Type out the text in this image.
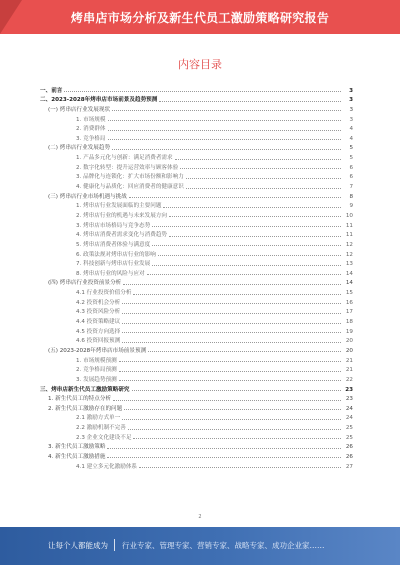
烤串店市场分析及新生代员工激励策略研究报告
内容目录
一、前言	3
二、2023-2028年烤串店市场前景及趋势预测	3
(一) 烤串店行业发展现状	3
1. 市场规模	3
2. 消费群体	4
3. 竞争格局	4
(二) 烤串店行业发展趋势	5
1. 产品多元化与创新：满足消费者需求	5
2. 数字化转型：提升运营效率与顾客体验	6
3. 品牌化与连锁化：扩大市场份额和影响力	6
4. 健康化与品质化：回应消费者的健康意识	7
(三) 烤串店行业市场机遇与挑战	8
1. 烤串店行业发展面临的主要问题	9
2. 烤串店行业的机遇与未来发展方向	10
3. 烤串店市场格局与竞争态势	11
4. 烤串店消费者需求变化与消费趋势	11
5. 烤串店消费者体验与满意度	12
6. 政策法规对烤串店行业的影响	12
7. 科技创新与烤串店行业发展	13
8. 烤串店行业的风险与应对	14
(四) 烤串店行业投资前景分析	14
4.1 行业投资价值分析	15
4.2 投资机会分析	16
4.3 投资风险分析	17
4.4 投资策略建议	18
4.5 投资方向选择	19
4.6 投资回报预测	20
(五) 2023-2028年烤串店市场前景预测	20
1. 市场规模预测	21
2. 竞争格局预测	21
3. 发展趋势预测	22
三、烤串店新生代员工激励策略研究	23
1. 新生代员工的特点分析	23
2. 新生代员工激励存在的问题	24
2.1 激励方式单一	24
2.2 激励机制不完善	25
2.3 企业文化建设不足	25
3. 新生代员工激励策略	26
4. 新生代员工激励措施	26
4.1 建立多元化激励体系	27
2
让每个人都能成为 行业专家、管理专家、营销专家、战略专家、成功企业家……
